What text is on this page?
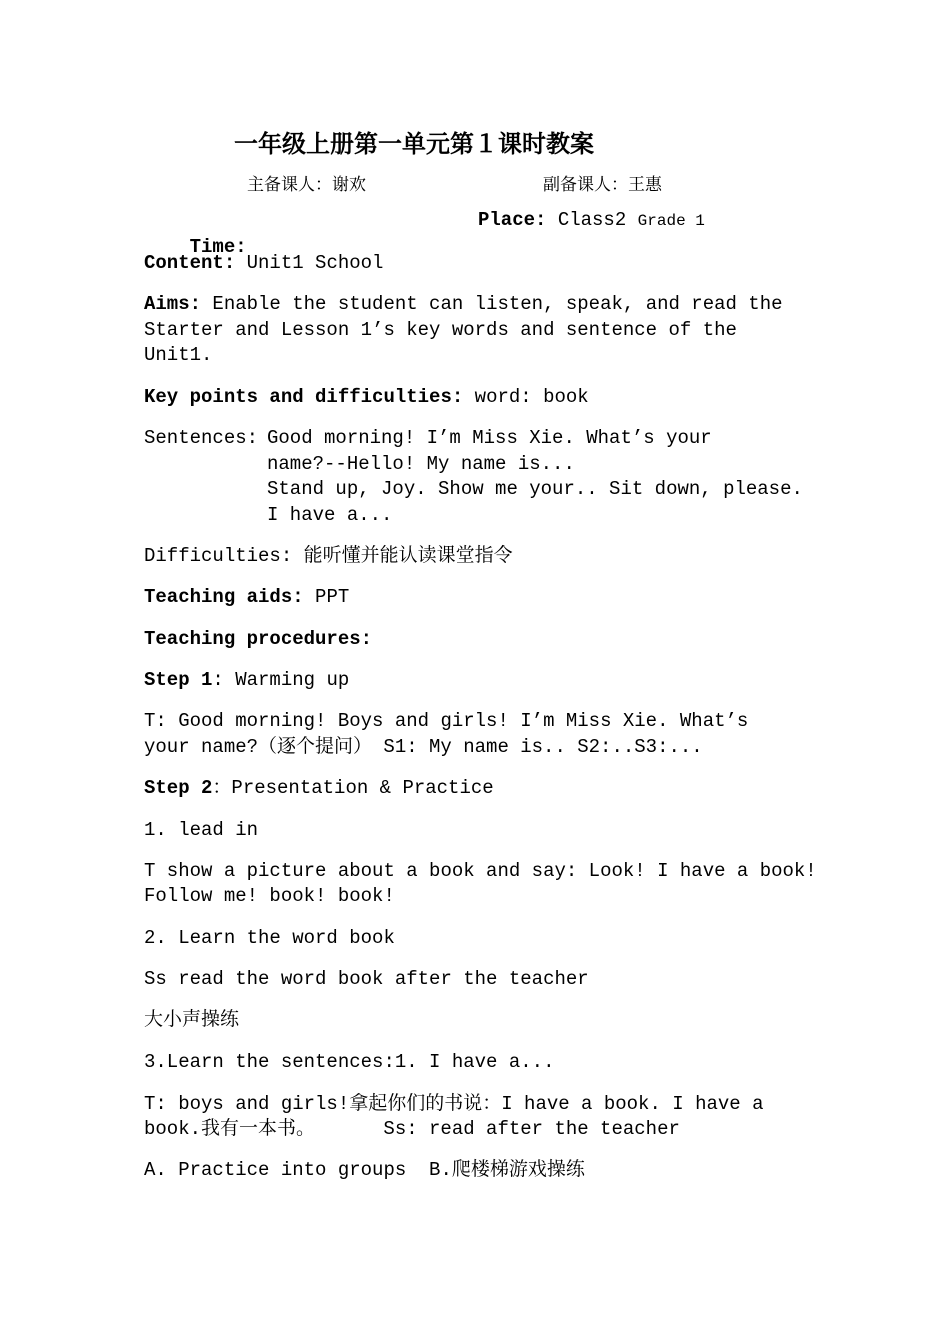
一年级上册第一单元第１课时教案
主备课人：谢欢	副备课人：王惠

Time:

Place: Class2 Grade 1
Content: Unit1 School
Aims: Enable the student can listen, speak, and read the
Starter and Lesson 1’s key words and sentence of the
Unit1.
Key points and difficulties: word: book
Sentences: Good morning! I’m Miss Xie. What’s your
name?--Hello! My name is...
Stand up, Joy. Show me your.. Sit down, please.
I have a...
Difficulties: 能听懂并能认读课堂指令
Teaching aids: PPT
Teaching procedures:
Step 1: Warming up
T: Good morning! Boys and girls! I’m Miss Xie. What’s
your name?（逐个提问） S1: My name is.. S2:..S3:...
Step 2：Presentation & Practice
1. lead in
T show a picture about a book and say: Look! I have a book!
Follow me! book! book!
2. Learn the word book
Ss read the word book after the teacher
大小声操练
3.Learn the sentences:1. I have a...
T: boys and girls!拿起你们的书说：I have a book. I have a
book.我有一本书。      Ss: read after the teacher
A. Practice into groups  B.爬楼梯游戏操练
